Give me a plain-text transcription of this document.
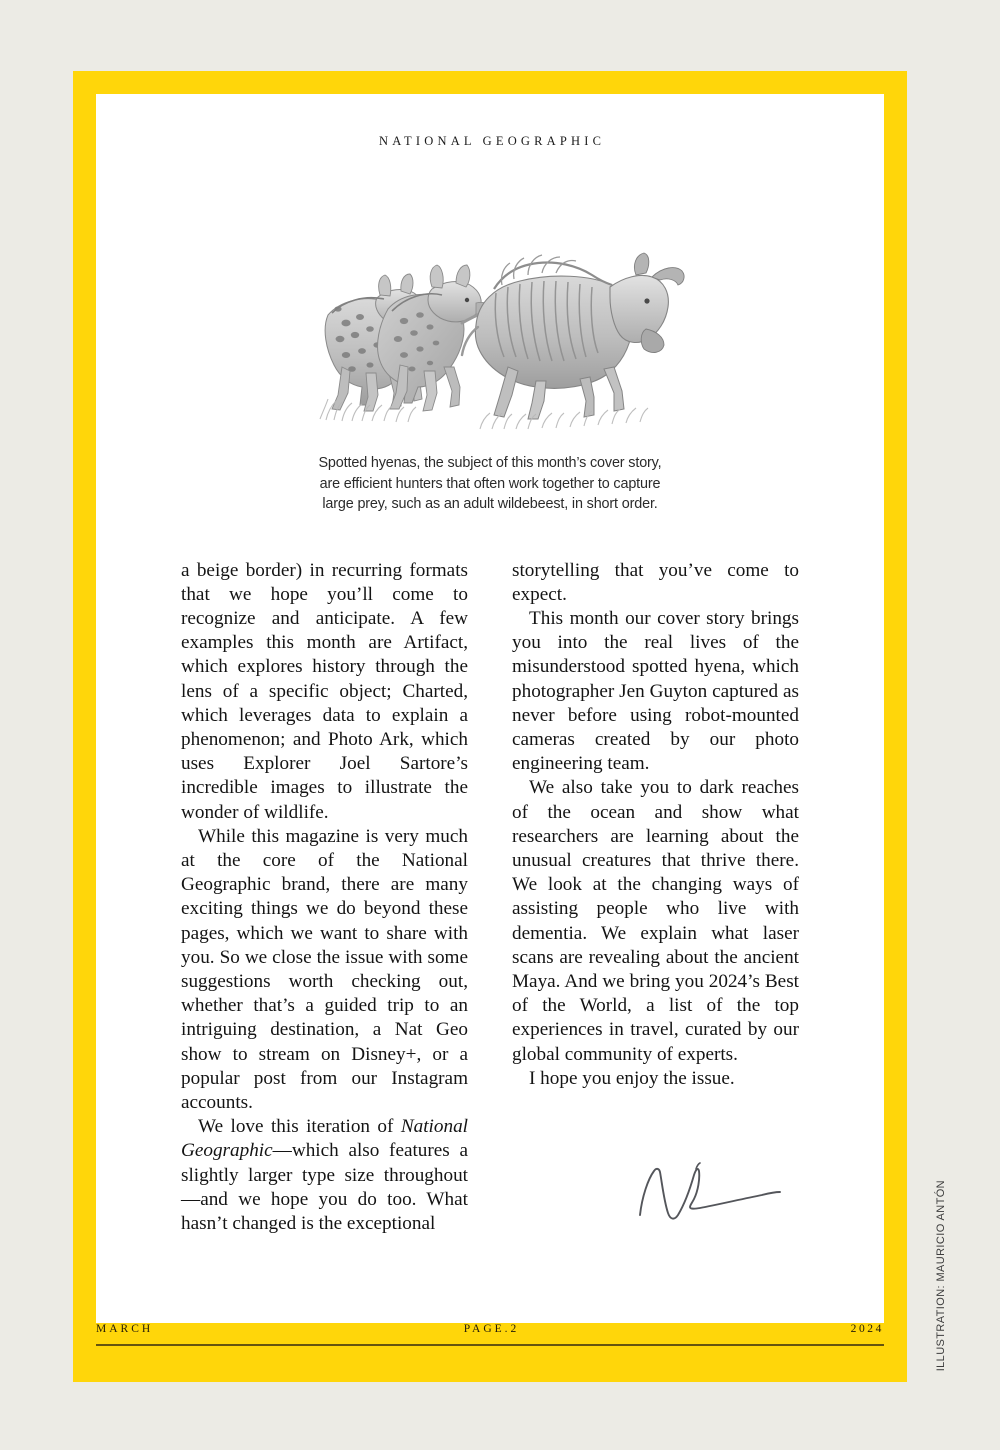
NATIONAL GEOGRAPHIC
Spotted hyenas, the subject of this month’s cover story,
are efficient hunters that often work together to capture
large prey, such as an adult wildebeest, in short order.

a beige border) in recurring formats that we hope you’ll come to recognize and anticipate. A few examples this month are Artifact, which explores history through the lens of a specific object; Charted, which leverages data to explain a phenomenon; and Photo Ark, which uses Explorer Joel Sartore’s incredible images to illustrate the wonder of wildlife.

While this magazine is very much at the core of the National Geographic brand, there are many exciting things we do beyond these pages, which we want to share with you. So we close the issue with some suggestions worth checking out, whether that’s a guided trip to an intriguing destination, a Nat Geo show to stream on Disney+, or a popular post from our Instagram accounts.

We love this iteration of National Geographic—which also features a slightly larger type size throughout—and we hope you do too. What hasn’t changed is the exceptional

storytelling that you’ve come to expect.

This month our cover story brings you into the real lives of the misunderstood spotted hyena, which photographer Jen Guyton captured as never before using robot-mounted cameras created by our photo engineering team.

We also take you to dark reaches of the ocean and show what researchers are learning about the unusual creatures that thrive there. We look at the changing ways of assisting people who live with dementia. We explain what laser scans are revealing about the ancient Maya. And we bring you 2024’s Best of the World, a list of the top experiences in travel, curated by our global community of experts.

I hope you enjoy the issue.

MARCH	PAGE.2	2024	ILLUSTRATION: MAURICIO ANTÓN
